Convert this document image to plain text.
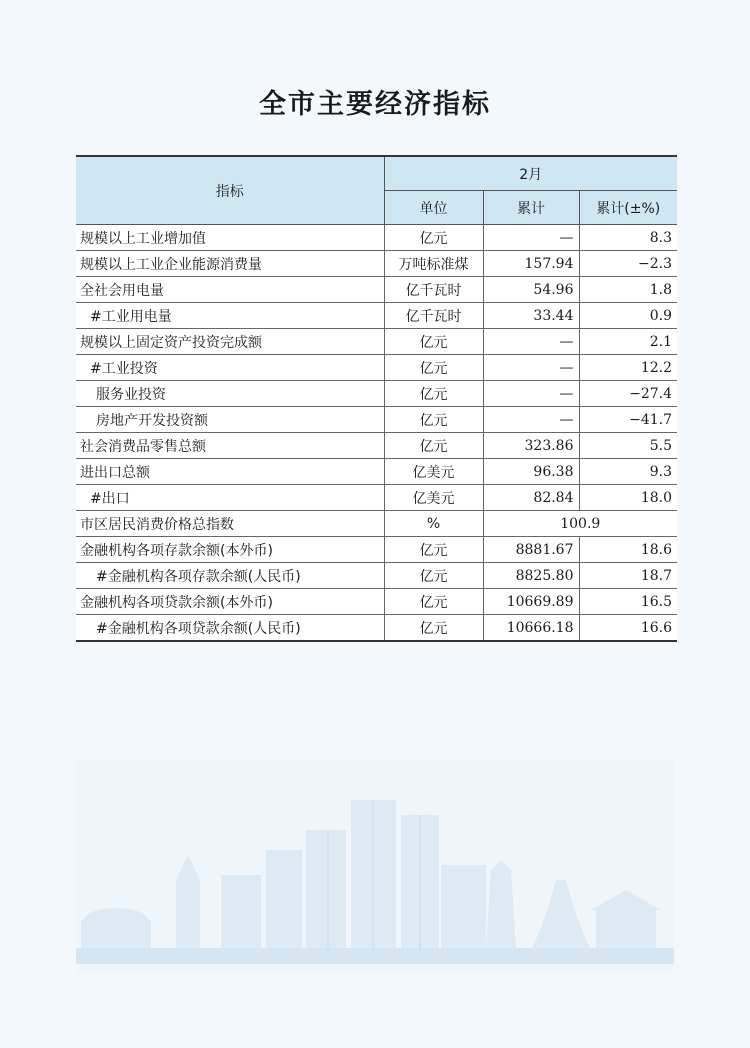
全市主要经济指标
指标	2月		
	单位	累计	累计(±%)
规模以上工业增加值	亿元	—	8.3
规模以上工业企业能源消费量	万吨标准煤	157.94	−2.3
全社会用电量	亿千瓦时	54.96	1.8
#工业用电量	亿千瓦时	33.44	0.9
规模以上固定资产投资完成额	亿元	—	2.1
#工业投资	亿元	—	12.2
服务业投资	亿元	—	−27.4
房地产开发投资额	亿元	—	−41.7
社会消费品零售总额	亿元	323.86	5.5
进出口总额	亿美元	96.38	9.3
#出口	亿美元	82.84	18.0
市区居民消费价格总指数	%	100.9	
金融机构各项存款余额(本外币)	亿元	8881.67	18.6
#金融机构各项存款余额(人民币)	亿元	8825.80	18.7
金融机构各项贷款余额(本外币)	亿元	10669.89	16.5
#金融机构各项贷款余额(人民币)	亿元	10666.18	16.6
